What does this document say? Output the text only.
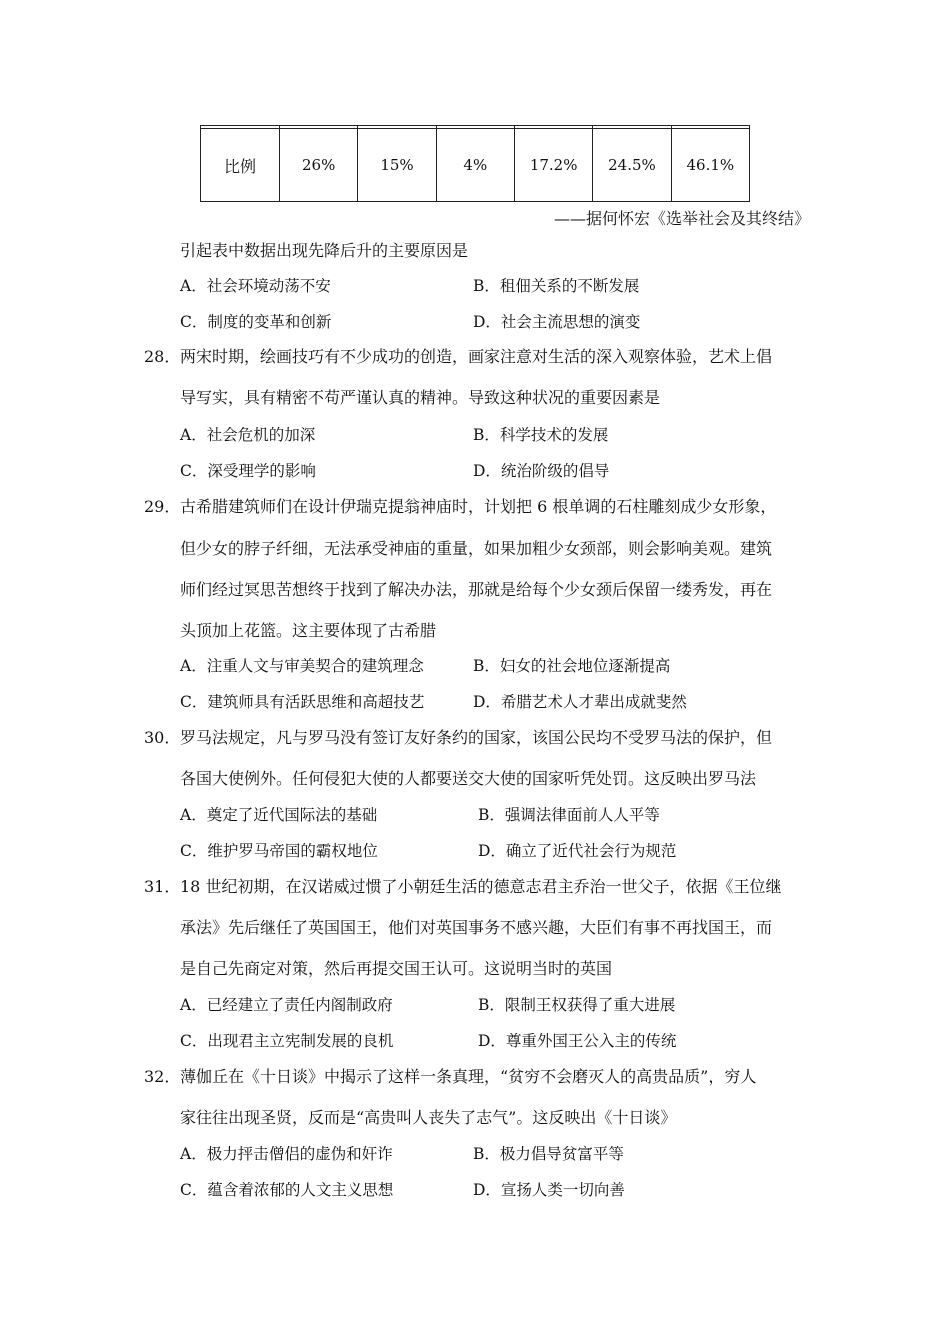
比例	26%	15%	4%	17.2%	24.5%	46.1%
——据何怀宏《选举社会及其终结》
引起表中数据出现先降后升的主要原因是
A．社会环境动荡不安	B．租佃关系的不断发展
C．制度的变革和创新	D．社会主流思想的演变
28． 两宋时期，绘画技巧有不少成功的创造，画家注意对生活的深入观察体验，艺术上倡
导写实，具有精密不苟严谨认真的精神。导致这种状况的重要因素是
A．社会危机的加深	B．科学技术的发展
C．深受理学的影响	D．统治阶级的倡导
29． 古希腊建筑师们在设计伊瑞克提翁神庙时，计划把 6 根单调的石柱雕刻成少女形象，
但少女的脖子纤细，无法承受神庙的重量，如果加粗少女颈部，则会影响美观。建筑
师们经过冥思苦想终于找到了解决办法，那就是给每个少女颈后保留一缕秀发，再在
头顶加上花篮。这主要体现了古希腊
A．注重人文与审美契合的建筑理念	B．妇女的社会地位逐渐提高
C．建筑师具有活跃思维和高超技艺	D．希腊艺术人才辈出成就斐然
30． 罗马法规定，凡与罗马没有签订友好条约的国家，该国公民均不受罗马法的保护，但
各国大使例外。任何侵犯大使的人都要送交大使的国家听凭处罚。这反映出罗马法
A．奠定了近代国际法的基础	B．强调法律面前人人平等
C．维护罗马帝国的霸权地位	D．确立了近代社会行为规范
31． 18 世纪初期，在汉诺威过惯了小朝廷生活的德意志君主乔治一世父子，依据《王位继
承法》先后继任了英国国王，他们对英国事务不感兴趣，大臣们有事不再找国王，而
是自己先商定对策，然后再提交国王认可。这说明当时的英国
A．已经建立了责任内阁制政府	B．限制王权获得了重大进展
C．出现君主立宪制发展的良机	D．尊重外国王公入主的传统
32． 薄伽丘在《十日谈》中揭示了这样一条真理，“贫穷不会磨灭人的高贵品质”，穷人
家往往出现圣贤，反而是“高贵叫人丧失了志气”。这反映出《十日谈》
A．极力抨击僧侣的虚伪和奸诈	B．极力倡导贫富平等
C．蕴含着浓郁的人文主义思想	D．宣扬人类一切向善
